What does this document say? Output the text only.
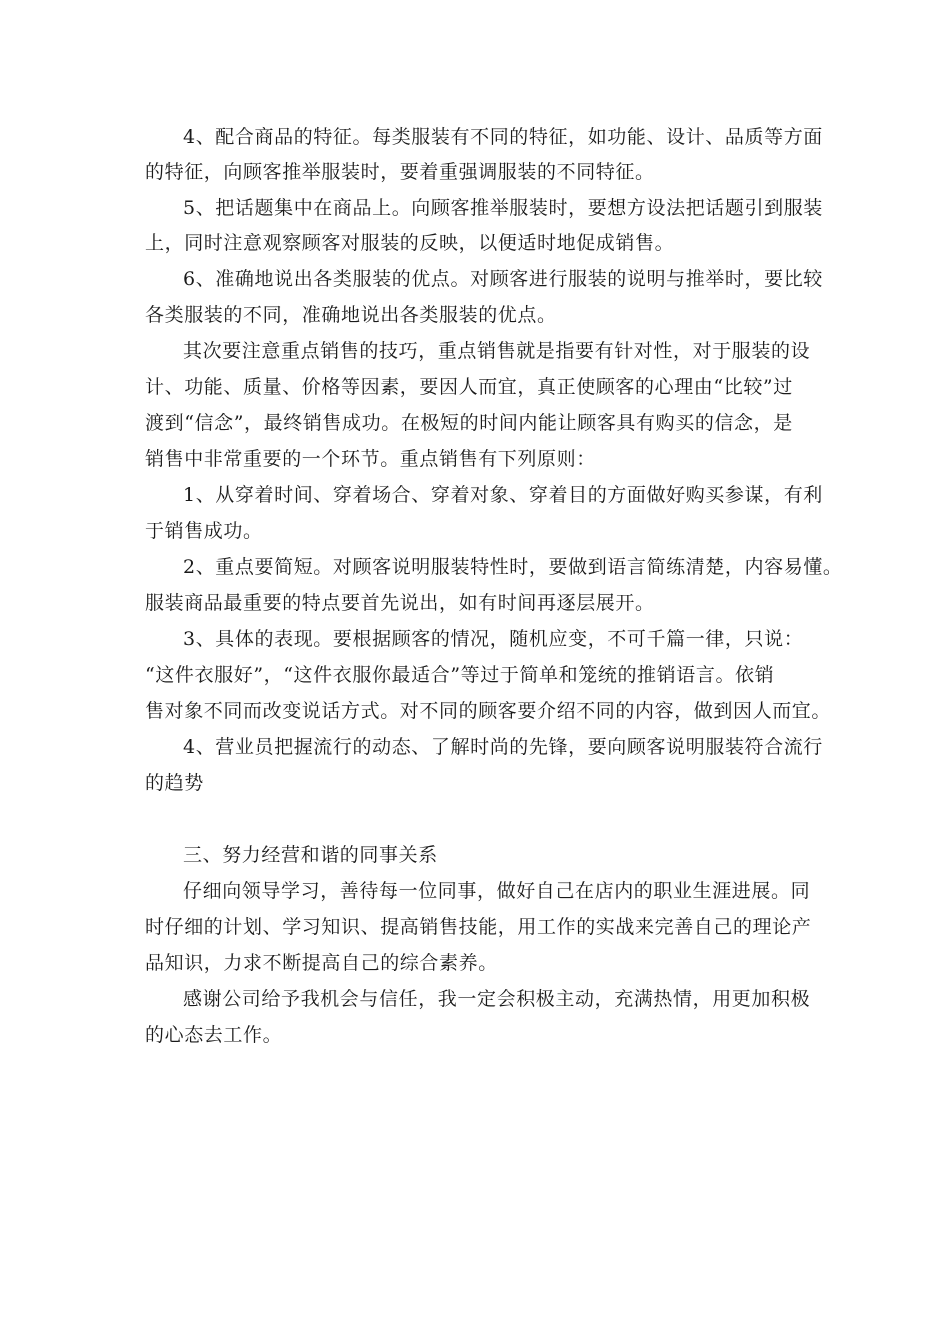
4、配合商品的特征。每类服装有不同的特征，如功能、设计、品质等方面
的特征，向顾客推举服装时，要着重强调服装的不同特征。
5、把话题集中在商品上。向顾客推举服装时，要想方设法把话题引到服装
上，同时注意观察顾客对服装的反映，以便适时地促成销售。
6、准确地说出各类服装的优点。对顾客进行服装的说明与推举时，要比较
各类服装的不同，准确地说出各类服装的优点。
其次要注意重点销售的技巧，重点销售就是指要有针对性，对于服装的设
计、功能、质量、价格等因素，要因人而宜，真正使顾客的心理由“比较”过
渡到“信念”，最终销售成功。在极短的时间内能让顾客具有购买的信念，是
销售中非常重要的一个环节。重点销售有下列原则：
1、从穿着时间、穿着场合、穿着对象、穿着目的方面做好购买参谋，有利
于销售成功。
2、重点要简短。对顾客说明服装特性时，要做到语言简练清楚，内容易懂。
服装商品最重要的特点要首先说出，如有时间再逐层展开。
3、具体的表现。要根据顾客的情况，随机应变，不可千篇一律，只说：
“这件衣服好”，“这件衣服你最适合”等过于简单和笼统的推销语言。依销
售对象不同而改变说话方式。对不同的顾客要介绍不同的内容，做到因人而宜。
4、营业员把握流行的动态、了解时尚的先锋，要向顾客说明服装符合流行
的趋势
三、努力经营和谐的同事关系
仔细向领导学习，善待每一位同事，做好自己在店内的职业生涯进展。同
时仔细的计划、学习知识、提高销售技能，用工作的实战来完善自己的理论产
品知识，力求不断提高自己的综合素养。
感谢公司给予我机会与信任，我一定会积极主动，充满热情，用更加积极
的心态去工作。
